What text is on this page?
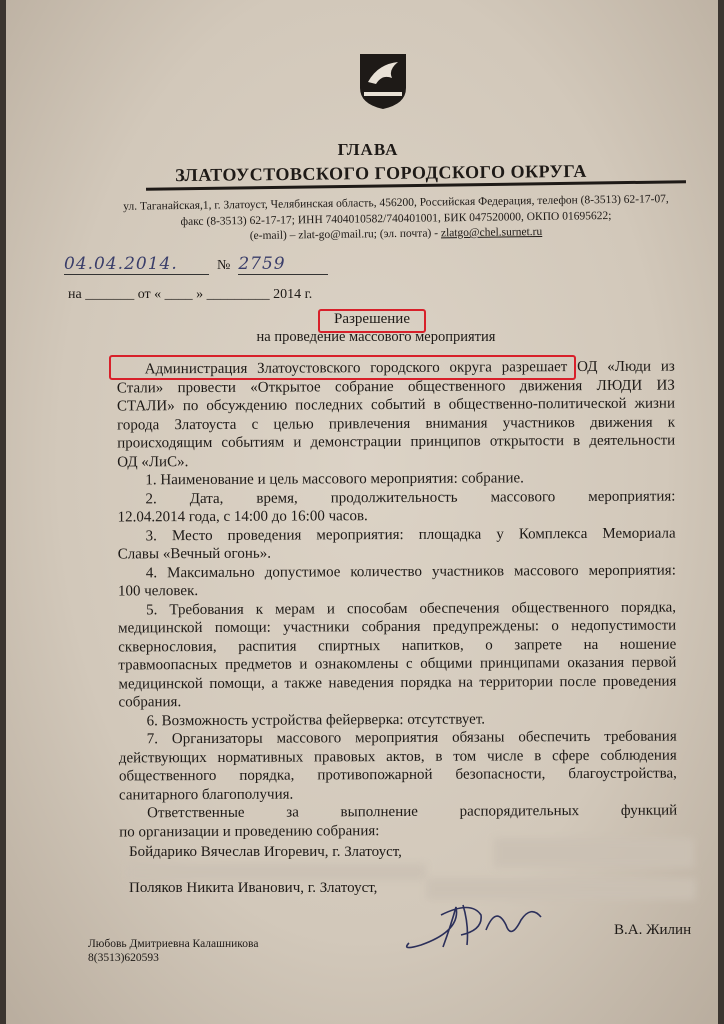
ГЛАВА
ЗЛАТОУСТОВСКОГО ГОРОДСКОГО ОКРУГА
ул. Таганайская,1, г. Златоуст, Челябинская область, 456200, Российская Федерация, телефон (8-3513) 62-17-07,
факс (8-3513) 62-17-17; ИНН 7404010582/740401001, БИК 047520000, ОКПО 01695622;
(e-mail) – zlat-go@mail.ru; (эл. почта) - zlatgo@chel.surnet.ru
04.04.2014.	№ 2759
на _______ от « ____ » _________ 2014 г.
Разрешение
на проведение массового мероприятия
Администрация Златоустовского городского округа разрешает ОД «Люди из
Стали» провести «Открытое собрание общественного движения ЛЮДИ ИЗ
СТАЛИ» по обсуждению последних событий в общественно-политической жизни
города Златоуста с целью привлечения внимания участников движения к
происходящим событиям и демонстрации принципов открытости в деятельности
ОД «ЛиС».
1. Наименование и цель массового мероприятия: собрание.
2. Дата, время, продолжительность массового мероприятия:
12.04.2014 года, с 14:00 до 16:00 часов.
3. Место проведения мероприятия: площадка у Комплекса Мемориала
Славы «Вечный огонь».
4. Максимально допустимое количество участников массового мероприятия:
100 человек.
5. Требования к мерам и способам обеспечения общественного порядка,
медицинской помощи: участники собрания предупреждены: о недопустимости
сквернословия, распития спиртных напитков, о запрете на ношение
травмоопасных предметов и ознакомлены с общими принципами оказания первой
медицинской помощи, а также наведения порядка на территории после проведения
собрания.
6. Возможность устройства фейерверка: отсутствует.
7. Организаторы массового мероприятия обязаны обеспечить требования
действующих нормативных правовых актов, в том числе в сфере соблюдения
общественного порядка, противопожарной безопасности, благоустройства,
санитарного благополучия.
Ответственные за выполнение распорядительных функций
по организации и проведению собрания:
Бойдарико Вячеслав Игоревич, г. Златоуст,
Поляков Никита Иванович, г. Златоуст,
В.А. Жилин
Любовь Дмитриевна Калашникова
8(3513)620593
